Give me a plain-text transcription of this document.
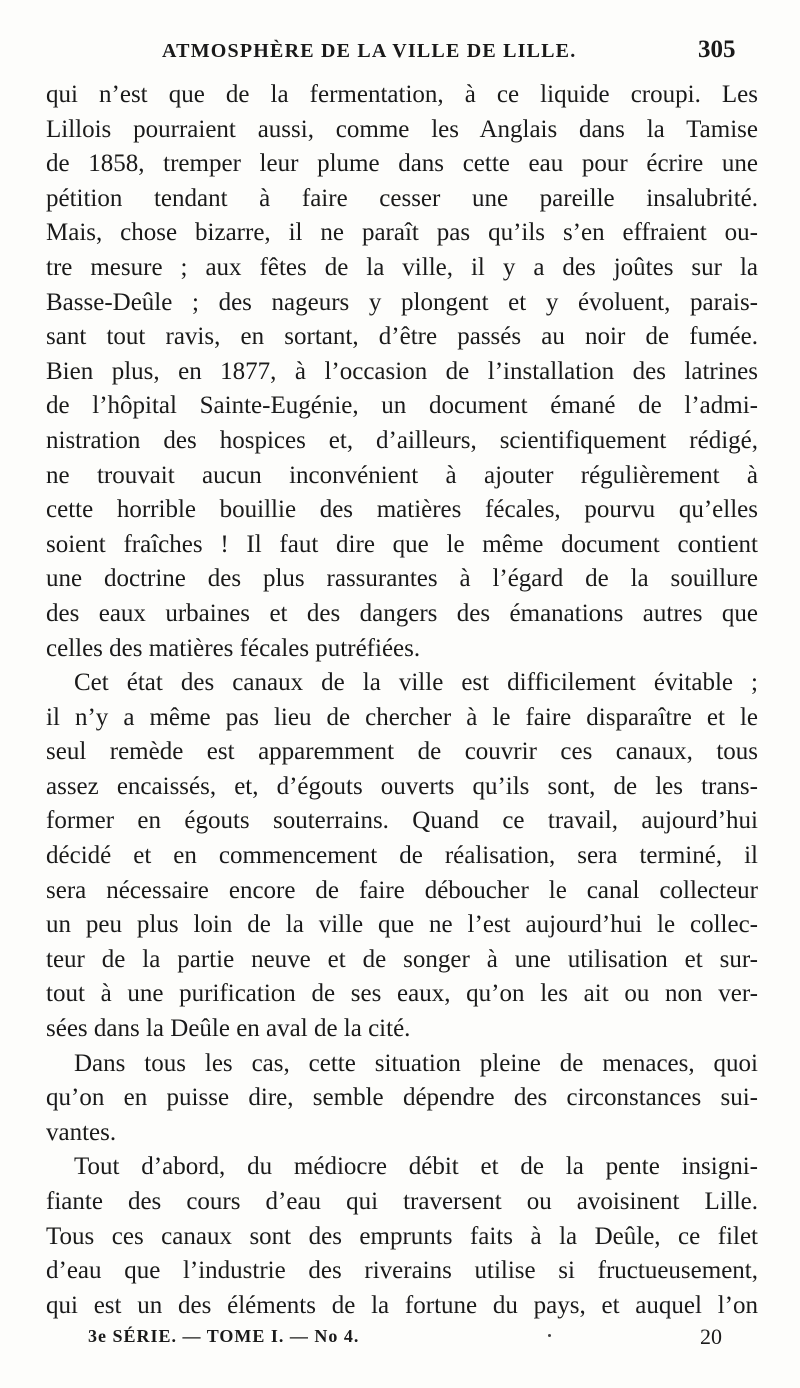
ATMOSPHÈRE DE LA VILLE DE LILLE.	305
qui n’est que de la fermentation, à ce liquide croupi. Les
Lillois pourraient aussi, comme les Anglais dans la Tamise
de 1858, tremper leur plume dans cette eau pour écrire une
pétition tendant à faire cesser une pareille insalubrité.
Mais, chose bizarre, il ne paraît pas qu’ils s’en effraient ou-
tre mesure ; aux fêtes de la ville, il y a des joûtes sur la
Basse-Deûle ; des nageurs y plongent et y évoluent, parais-
sant tout ravis, en sortant, d’être passés au noir de fumée.
Bien plus, en 1877, à l’occasion de l’installation des latrines
de l’hôpital Sainte-Eugénie, un document émané de l’admi-
nistration des hospices et, d’ailleurs, scientifiquement rédigé,
ne trouvait aucun inconvénient à ajouter régulièrement à
cette horrible bouillie des matières fécales, pourvu qu’elles
soient fraîches ! Il faut dire que le même document contient
une doctrine des plus rassurantes à l’égard de la souillure
des eaux urbaines et des dangers des émanations autres que
celles des matières fécales putréfiées.
Cet état des canaux de la ville est difficilement évitable ;
il n’y a même pas lieu de chercher à le faire disparaître et le
seul remède est apparemment de couvrir ces canaux, tous
assez encaissés, et, d’égouts ouverts qu’ils sont, de les trans-
former en égouts souterrains. Quand ce travail, aujourd’hui
décidé et en commencement de réalisation, sera terminé, il
sera nécessaire encore de faire déboucher le canal collecteur
un peu plus loin de la ville que ne l’est aujourd’hui le collec-
teur de la partie neuve et de songer à une utilisation et sur-
tout à une purification de ses eaux, qu’on les ait ou non ver-
sées dans la Deûle en aval de la cité.
Dans tous les cas, cette situation pleine de menaces, quoi
qu’on en puisse dire, semble dépendre des circonstances sui-
vantes.
Tout d’abord, du médiocre débit et de la pente insigni-
fiante des cours d’eau qui traversent ou avoisinent Lille.
Tous ces canaux sont des emprunts faits à la Deûle, ce filet
d’eau que l’industrie des riverains utilise si fructueusement,
qui est un des éléments de la fortune du pays, et auquel l’on
3e SÉRIE. — TOME I. — No 4.	20
